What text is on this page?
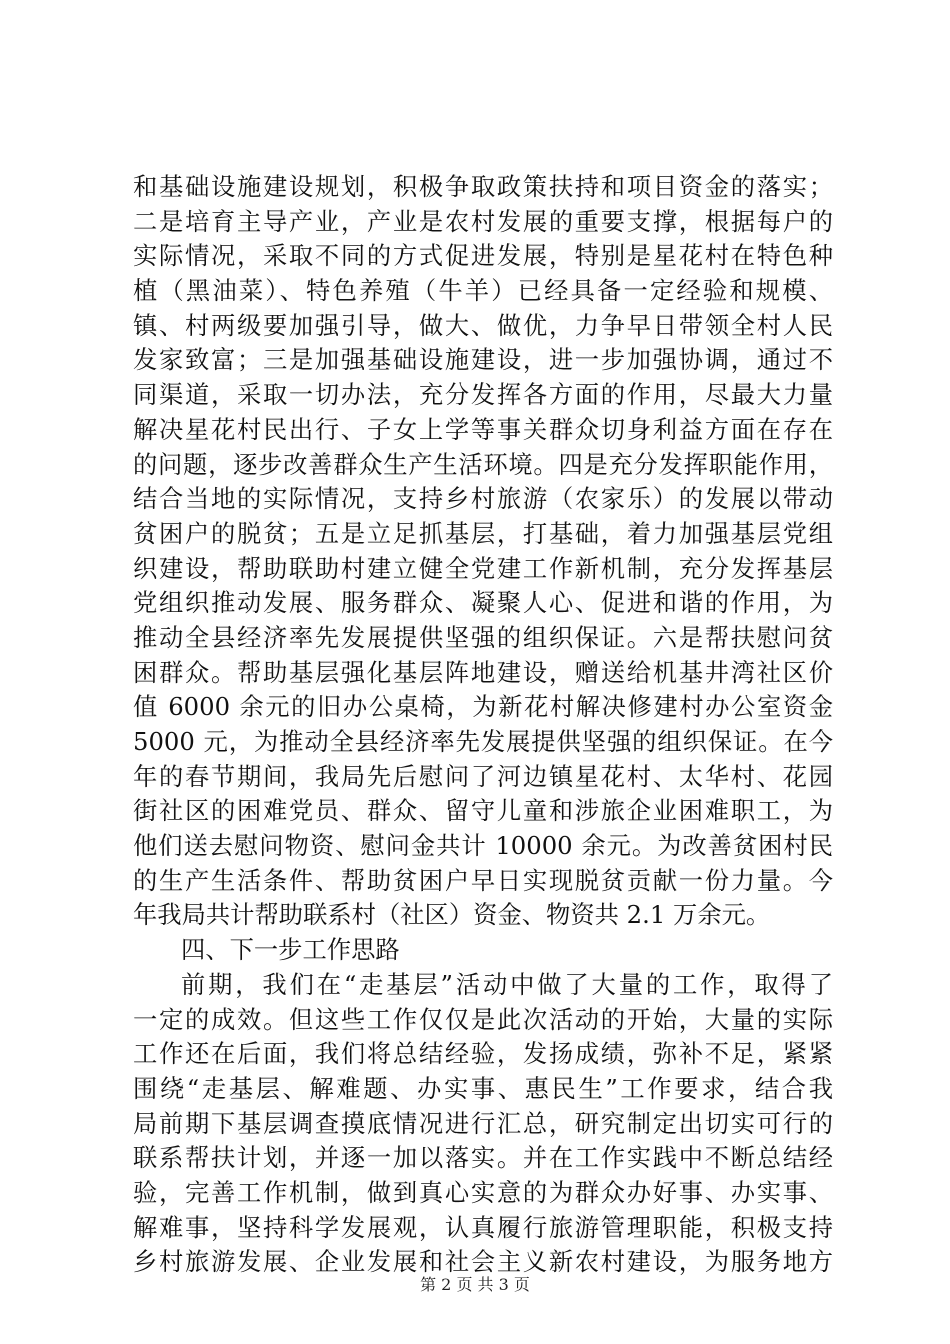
和基础设施建设规划，积极争取政策扶持和项目资金的落实；
二是培育主导产业，产业是农村发展的重要支撑，根据每户的
实际情况，采取不同的方式促进发展，特别是星花村在特色种
植（黑油菜）、特色养殖（牛羊）已经具备一定经验和规模、
镇、村两级要加强引导，做大、做优，力争早日带领全村人民
发家致富；三是加强基础设施建设，进一步加强协调，通过不
同渠道，采取一切办法，充分发挥各方面的作用，尽最大力量
解决星花村民出行、子女上学等事关群众切身利益方面在存在
的问题，逐步改善群众生产生活环境。四是充分发挥职能作用，
结合当地的实际情况，支持乡村旅游（农家乐）的发展以带动
贫困户的脱贫；五是立足抓基层，打基础，着力加强基层党组
织建设，帮助联助村建立健全党建工作新机制，充分发挥基层
党组织推动发展、服务群众、凝聚人心、促进和谐的作用，为
推动全县经济率先发展提供坚强的组织保证。六是帮扶慰问贫
困群众。帮助基层强化基层阵地建设，赠送给机基井湾社区价
值 6000 余元的旧办公桌椅，为新花村解决修建村办公室资金
5000 元，为推动全县经济率先发展提供坚强的组织保证。在今
年的春节期间，我局先后慰问了河边镇星花村、太华村、花园
街社区的困难党员、群众、留守儿童和涉旅企业困难职工，为
他们送去慰问物资、慰问金共计 10000 余元。为改善贫困村民
的生产生活条件、帮助贫困户早日实现脱贫贡献一份力量。今
年我局共计帮助联系村（社区）资金、物资共 2.1 万余元。
四、下一步工作思路
前期，我们在“走基层”活动中做了大量的工作，取得了
一定的成效。但这些工作仅仅是此次活动的开始，大量的实际
工作还在后面，我们将总结经验，发扬成绩，弥补不足，紧紧
围绕“走基层、解难题、办实事、惠民生”工作要求，结合我
局前期下基层调查摸底情况进行汇总，研究制定出切实可行的
联系帮扶计划，并逐一加以落实。并在工作实践中不断总结经
验，完善工作机制，做到真心实意的为群众办好事、办实事、
解难事，坚持科学发展观，认真履行旅游管理职能，积极支持
乡村旅游发展、企业发展和社会主义新农村建设，为服务地方
第 2 页 共 3 页
